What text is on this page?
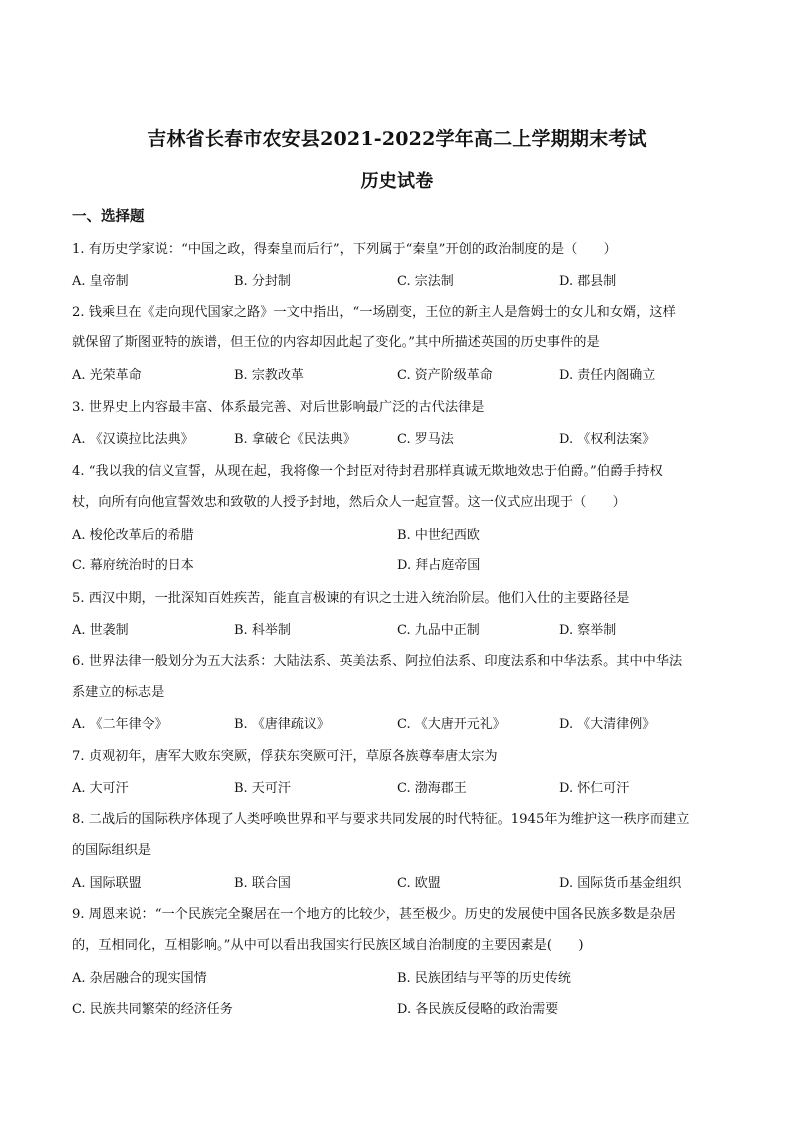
吉林省长春市农安县2021-2022学年高二上学期期末考试
历史试卷
一、选择题
1. 有历史学家说：“中国之政，得秦皇而后行”，下列属于“秦皇”开创的政治制度的是（　　）
A. 皇帝制	B. 分封制	C. 宗法制	D. 郡县制
2. 钱乘旦在《走向现代国家之路》一文中指出，“一场剧变，王位的新主人是詹姆士的女儿和女婿，这样
就保留了斯图亚特的族谱，但王位的内容却因此起了变化。”其中所描述英国的历史事件的是
A. 光荣革命	B. 宗教改革	C. 资产阶级革命	D. 责任内阁确立
3. 世界史上内容最丰富、体系最完善、对后世影响最广泛的古代法律是
A. 《汉谟拉比法典》	B. 拿破仑《民法典》	C. 罗马法	D. 《权利法案》
4. “我以我的信义宣誓，从现在起，我将像一个封臣对待封君那样真诚无欺地效忠于伯爵。”伯爵手持权
杖，向所有向他宣誓效忠和致敬的人授予封地，然后众人一起宣誓。这一仪式应出现于（　　）
A. 梭伦改革后的希腊	B. 中世纪西欧
C. 幕府统治时的日本	D. 拜占庭帝国
5. 西汉中期，一批深知百姓疾苦，能直言极谏的有识之士进入统治阶层。他们入仕的主要路径是
A. 世袭制	B. 科举制	C. 九品中正制	D. 察举制
6. 世界法律一般划分为五大法系：大陆法系、英美法系、阿拉伯法系、印度法系和中华法系。其中中华法
系建立的标志是
A. 《二年律令》	B. 《唐律疏议》	C. 《大唐开元礼》	D. 《大清律例》
7. 贞观初年，唐军大败东突厥，俘获东突厥可汗，草原各族尊奉唐太宗为
A. 大可汗	B. 天可汗	C. 渤海郡王	D. 怀仁可汗
8. 二战后的国际秩序体现了人类呼唤世界和平与要求共同发展的时代特征。1945年为维护这一秩序而建立
的国际组织是
A. 国际联盟	B. 联合国	C. 欧盟	D. 国际货币基金组织
9. 周恩来说：“一个民族完全聚居在一个地方的比较少，甚至极少。历史的发展使中国各民族多数是杂居
的，互相同化，互相影响。”从中可以看出我国实行民族区域自治制度的主要因素是(　　)
A. 杂居融合的现实国情	B. 民族团结与平等的历史传统
C. 民族共同繁荣的经济任务	D. 各民族反侵略的政治需要
